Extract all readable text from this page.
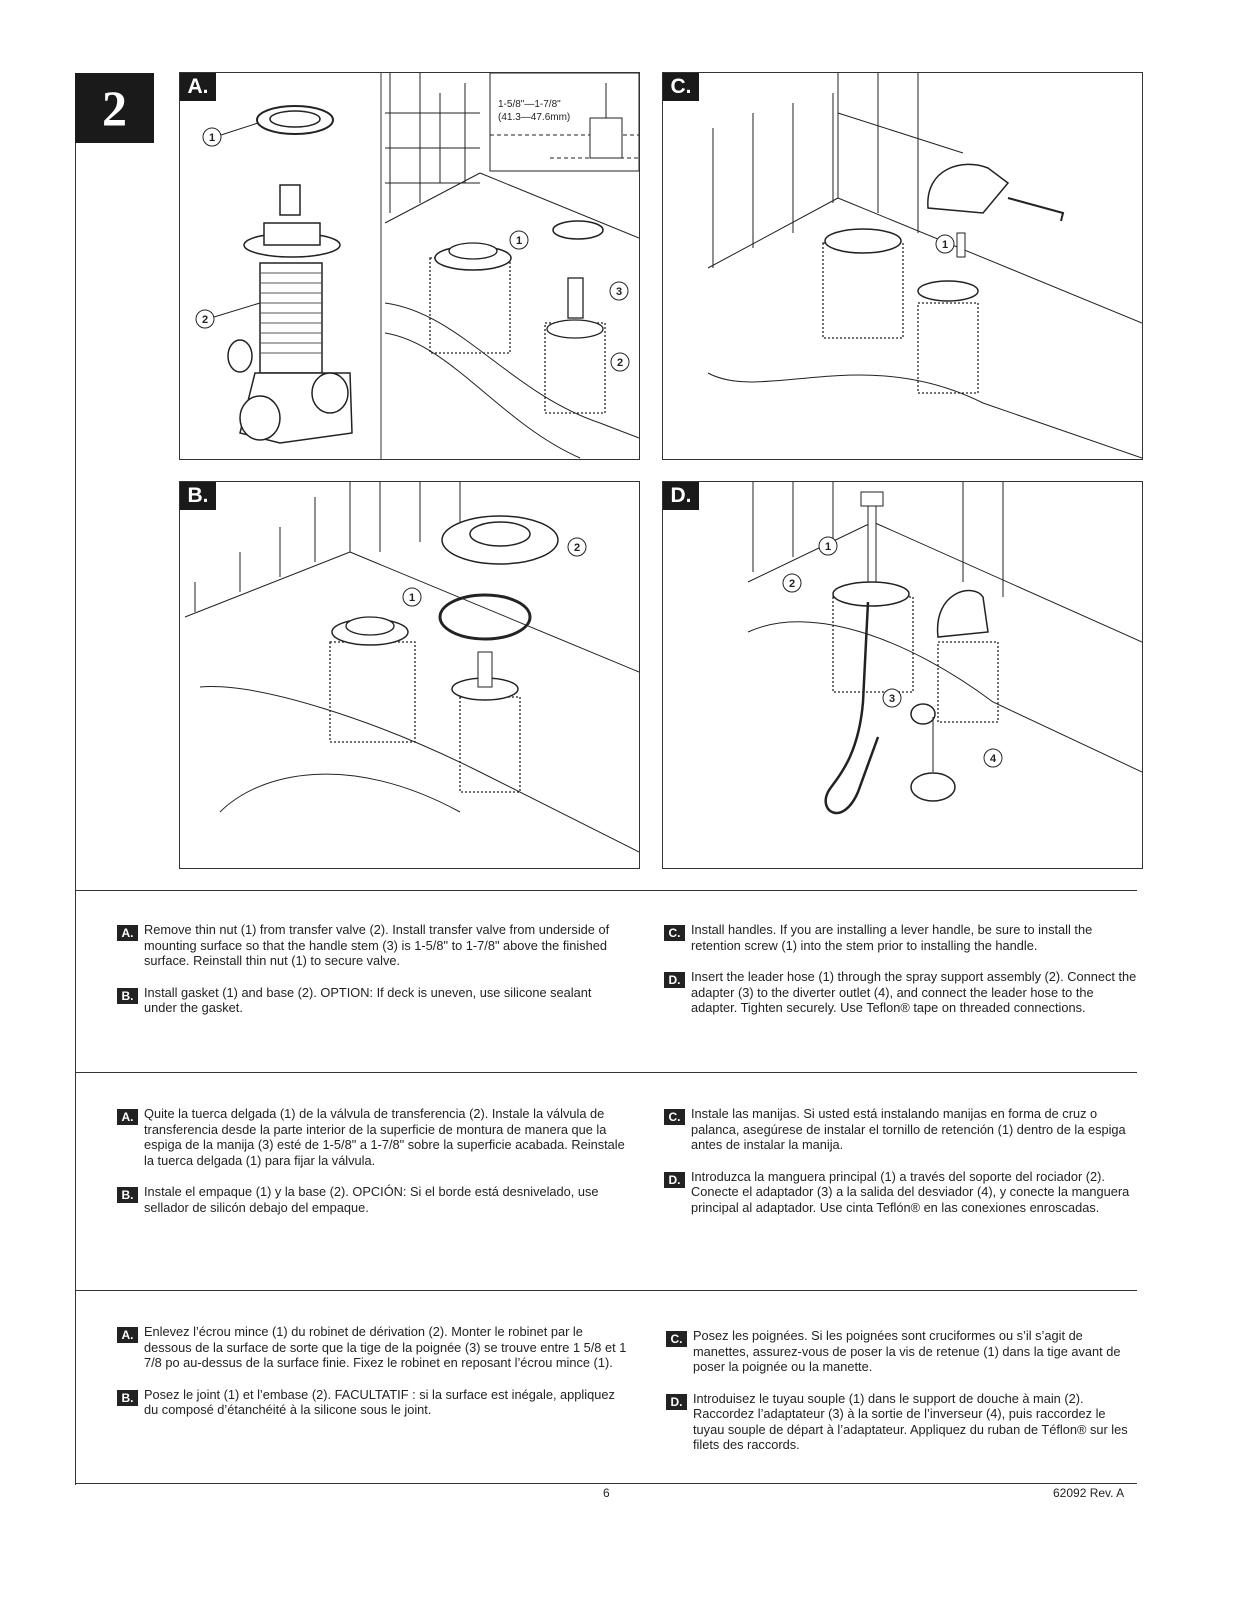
2	A.
1
2
1
3
2
1-5/8"—1-7/8"
(41.3—47.6mm)
C.
1
B.
1
2
D.
1
2
3
4
A. Remove thin nut (1) from transfer valve (2). Install transfer valve from underside of mounting surface so that the handle stem (3) is 1-5/8" to 1-7/8" above the finished surface. Reinstall thin nut (1) to secure valve.
B. Install gasket (1) and base (2). OPTION: If deck is uneven, use silicone sealant under the gasket.
C. Install handles. If you are installing a lever handle, be sure to install the retention screw (1) into the stem prior to installing the handle.
D. Insert the leader hose (1) through the spray support assembly (2). Connect the adapter (3) to the diverter outlet (4), and connect the leader hose to the adapter. Tighten securely. Use Teflon® tape on threaded connections.
A. Quite la tuerca delgada (1) de la válvula de transferencia (2). Instale la válvula de transferencia desde la parte interior de la superficie de montura de manera que la espiga de la manija (3) esté de 1-5/8" a 1-7/8" sobre la superficie acabada. Reinstale la tuerca delgada (1) para fijar la válvula.
B. Instale el empaque (1) y la base (2). OPCIÓN: Si el borde está desnivelado, use sellador de silicón debajo del empaque.
C. Instale las manijas. Si usted está instalando manijas en forma de cruz o palanca, asegúrese de instalar el tornillo de retención (1) dentro de la espiga antes de instalar la manija.
D. Introduzca la manguera principal (1) a través del soporte del rociador (2). Conecte el adaptador (3) a la salida del desviador (4), y conecte la manguera principal al adaptador. Use cinta Teflón® en las conexiones enroscadas.
A. Enlevez l’écrou mince (1) du robinet de dérivation (2). Monter le robinet par le dessous de la surface de sorte que la tige de la poignée (3) se trouve entre 1 5/8 et 1 7/8 po au-dessus de la surface finie. Fixez le robinet en reposant l’écrou mince (1).
B. Posez le joint (1) et l’embase (2). FACULTATIF : si la surface est inégale, appliquez du composé d’étanchéité à la silicone sous le joint.
C. Posez les poignées. Si les poignées sont cruciformes ou s’il s’agit de manettes, assurez-vous de poser la vis de retenue (1) dans la tige avant de poser la poignée ou la manette.
D. Introduisez le tuyau souple (1) dans le support de douche à main (2). Raccordez l’adaptateur (3) à la sortie de l’inverseur (4), puis raccordez le tuyau souple de départ à l’adaptateur. Appliquez du ruban de Téflon® sur les filets des raccords.
6	62092 Rev. A
